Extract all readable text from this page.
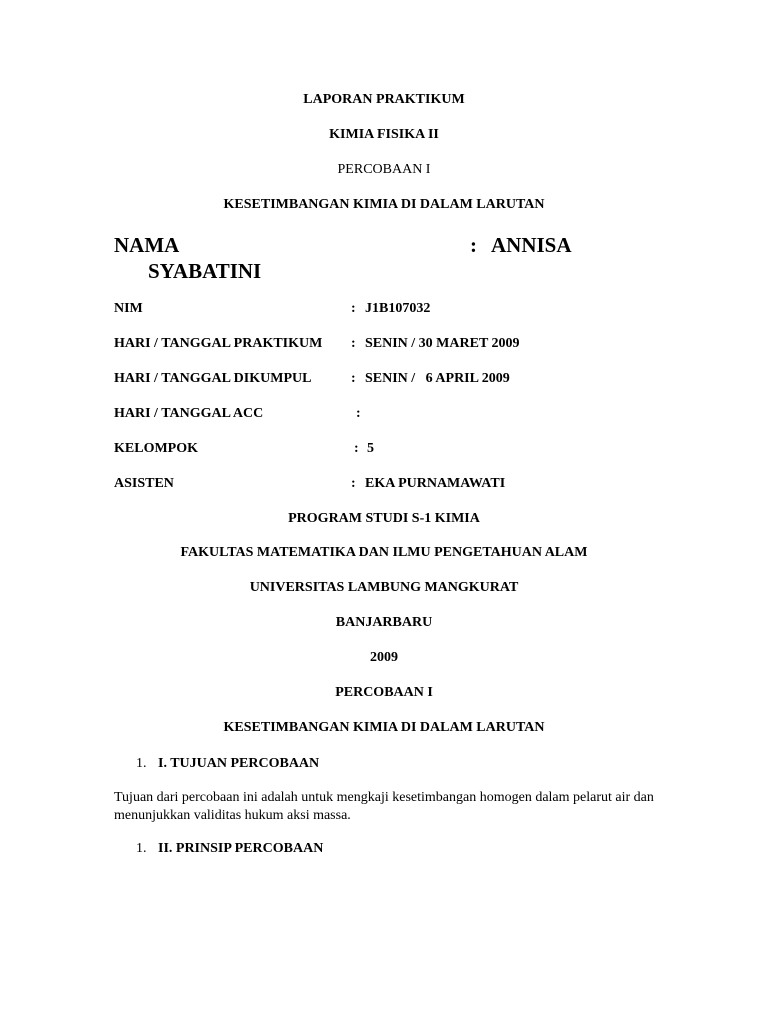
LAPORAN PRAKTIKUM
KIMIA FISIKA II
PERCOBAAN I
KESETIMBANGAN KIMIA DI DALAM LARUTAN
NAMA	: ANNISA
SYABATINI
NIM	: J1B107032
HARI / TANGGAL PRAKTIKUM : SENIN / 30 MARET 2009
HARI / TANGGAL DIKUMPUL	: SENIN /   6 APRIL 2009
HARI / TANGGAL ACC	:
KELOMPOK	: 5
ASISTEN	: EKA PURNAMAWATI
PROGRAM STUDI S-1 KIMIA
FAKULTAS MATEMATIKA DAN ILMU PENGETAHUAN ALAM
UNIVERSITAS LAMBUNG MANGKURAT
BANJARBARU
2009
PERCOBAAN I
KESETIMBANGAN KIMIA DI DALAM LARUTAN
1. I. TUJUAN PERCOBAAN
Tujuan dari percobaan ini adalah untuk mengkaji kesetimbangan homogen dalam pelarut air dan menunjukkan validitas hukum aksi massa.
1. II. PRINSIP PERCOBAAN
